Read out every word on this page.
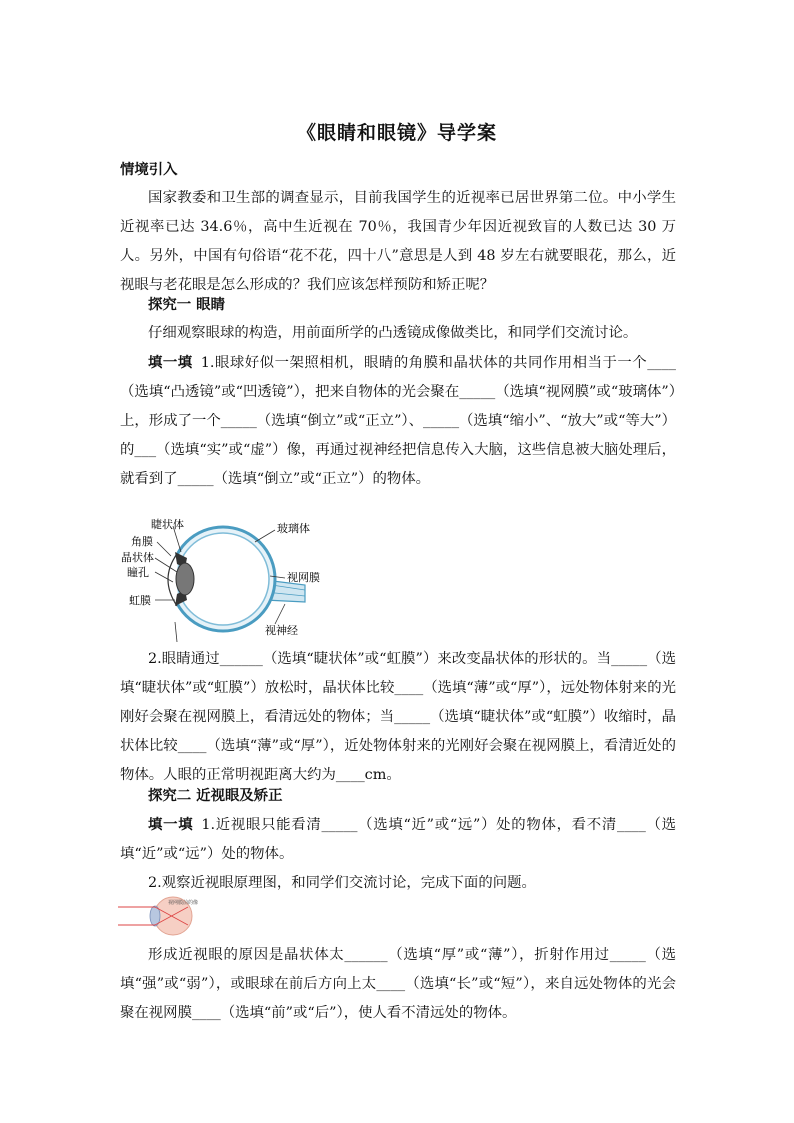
《眼睛和眼镜》导学案
情境引入
国家教委和卫生部的调查显示，目前我国学生的近视率已居世界第二位。中小学生近视率已达 34.6％，高中生近视在 70％，我国青少年因近视致盲的人数已达 30 万人。另外，中国有句俗语“花不花，四十八”意思是人到 48 岁左右就要眼花，那么，近视眼与老花眼是怎么形成的？我们应该怎样预防和矫正呢？
探究一 眼睛
仔细观察眼球的构造，用前面所学的凸透镜成像做类比，和同学们交流讨论。
填一填 1.眼球好似一架照相机，眼睛的角膜和晶状体的共同作用相当于一个____（选填“凸透镜”或“凹透镜”），把来自物体的光会聚在_____（选填“视网膜”或“玻璃体”）上，形成了一个_____（选填“倒立”或“正立”）、_____（选填“缩小”、“放大”或“等大”）的___（选填“实”或“虚”）像，再通过视神经把信息传入大脑，这些信息被大脑处理后，就看到了_____（选填“倒立”或“正立”）的物体。
睫状体	玻璃体
角膜
晶状体
瞳孔	视网膜
虹膜
视神经
2.眼睛通过______（选填“睫状体”或“虹膜”）来改变晶状体的形状的。当_____（选填“睫状体”或“虹膜”）放松时，晶状体比较____（选填“薄”或“厚”），远处物体射来的光刚好会聚在视网膜上，看清远处的物体；当_____（选填“睫状体”或“虹膜”）收缩时，晶状体比较____（选填“薄”或“厚”），近处物体射来的光刚好会聚在视网膜上，看清近处的物体。人眼的正常明视距离大约为____cm。
探究二 近视眼及矫正
填一填 1.近视眼只能看清_____（选填“近”或“远”）处的物体，看不清____（选填“近”或“远”）处的物体。
2.观察近视眼原理图，和同学们交流讨论，完成下面的问题。
视网膜前的像
形成近视眼的原因是晶状体太______（选填“厚”或“薄”），折射作用过_____（选填“强”或“弱”），或眼球在前后方向上太____（选填“长”或“短”），来自远处物体的光会聚在视网膜____（选填“前”或“后”），使人看不清远处的物体。
